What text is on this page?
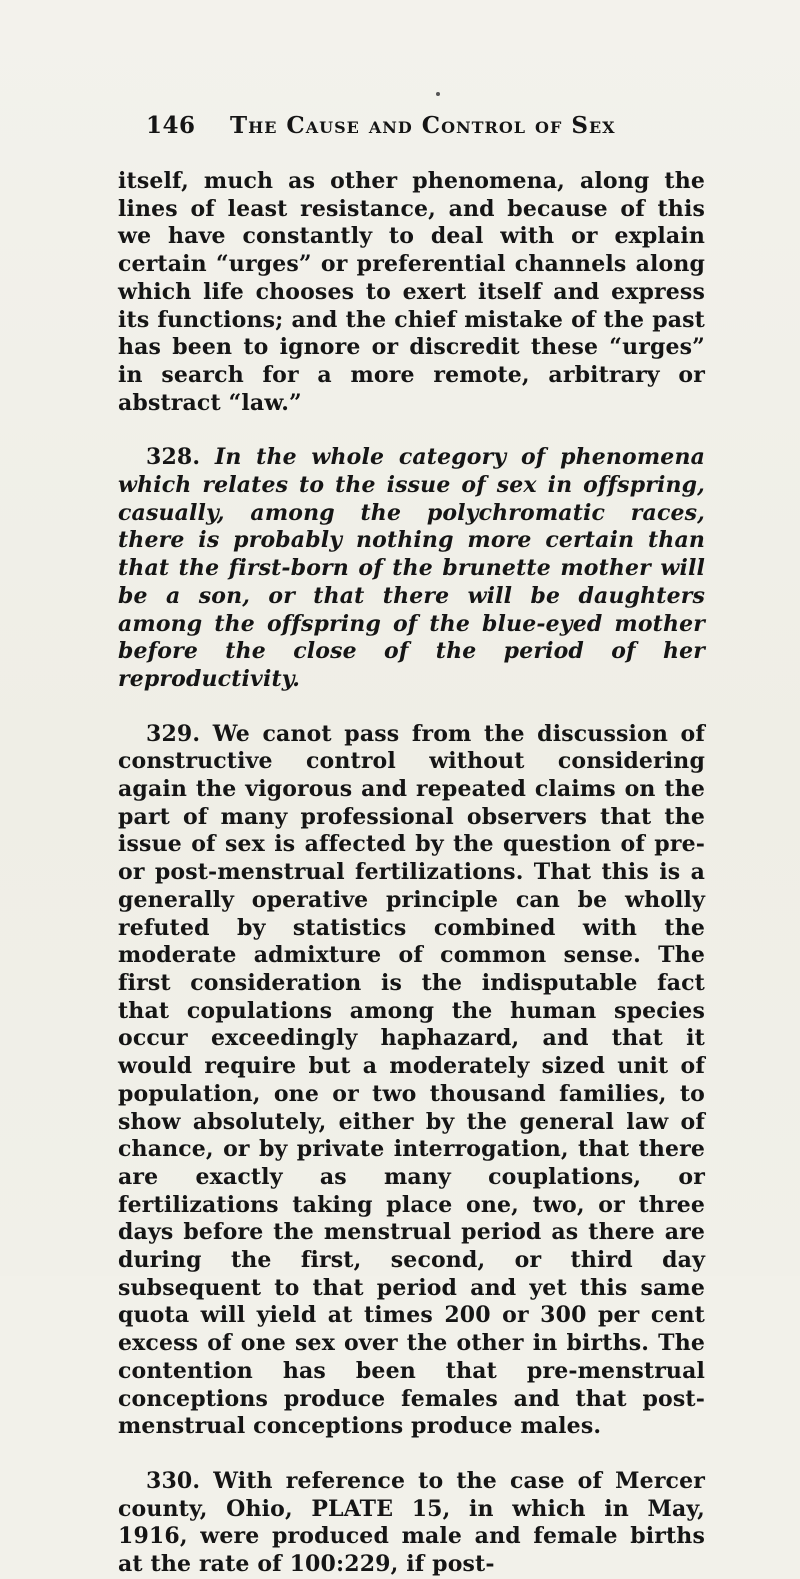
146 The Cause and Control of Sex

itself, much as other phenomena, along the lines of least resistance, and because of this we have constantly to deal with or explain certain “urges” or preferential channels along which life chooses to exert itself and express its functions; and the chief mistake of the past has been to ignore or discredit these “urges” in search for a more remote, arbitrary or abstract “law.”

328. In the whole category of phenomena which relates to the issue of sex in offspring, casually, among the polychromatic races, there is probably nothing more certain than that the first-born of the brunette mother will be a son, or that there will be daughters among the offspring of the blue-eyed mother before the close of the period of her reproductivity.

329. We canot pass from the discussion of constructive control without considering again the vigorous and repeated claims on the part of many professional observers that the issue of sex is affected by the question of pre- or post-menstrual fertilizations. That this is a generally operative principle can be wholly refuted by statistics combined with the moderate admixture of common sense. The first consideration is the indisputable fact that copulations among the human species occur exceedingly haphazard, and that it would require but a moderately sized unit of population, one or two thousand families, to show absolutely, either by the general law of chance, or by private interrogation, that there are exactly as many couplations, or fertilizations taking place one, two, or three days before the menstrual period as there are during the first, second, or third day subsequent to that period and yet this same quota will yield at times 200 or 300 per cent excess of one sex over the other in births. The contention has been that pre-menstrual conceptions produce females and that post-menstrual conceptions produce males.

330. With reference to the case of Mercer county, Ohio, PLATE 15, in which in May, 1916, were produced male and female births at the rate of 100:229, if post-
